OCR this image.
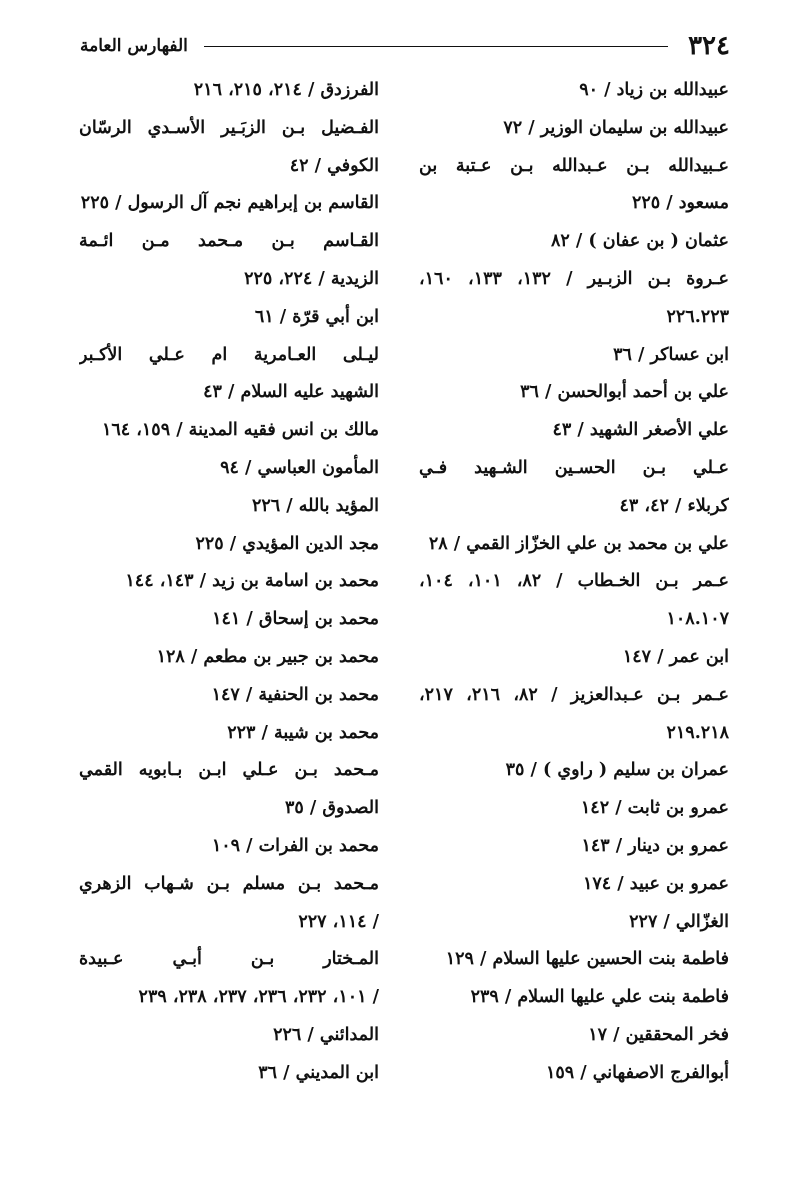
٣٢٤
الفهارس العامة
عبيدالله بن زياد / ٩٠
عبيدالله بن سليمان الوزير / ٧٢
عـبيدالله بـن عـبدالله بـن عـتبة بن
مسعود / ٢٢٥
عثمان ( بن عفان ) / ٨٢
عـروة بـن الزبـير / ١٣٢، ١٣٣، ١٦٠،
٢٢٦.٢٢٣
ابن عساكر / ٣٦
علي بن أحمد أبوالحسن / ٣٦
علي الأصغر الشهيد / ٤٣
عـلي بـن الحسـين الشـهيد فـي
كربلاء / ٤٢، ٤٣
علي بن محمد بن علي الخزّاز القمي / ٢٨
عـمر بـن الخـطاب / ٨٢، ١٠١، ١٠٤،
١٠٨.١٠٧
ابن عمر / ١٤٧
عـمر بـن عـبدالعزيز / ٨٢، ٢١٦، ٢١٧،
٢١٩.٢١٨
عمران بن سليم ( راوي ) / ٣٥
عمرو بن ثابت / ١٤٢
عمرو بن دينار / ١٤٣
عمرو بن عبيد / ١٧٤
الغزّالي / ٢٢٧
فاطمة بنت الحسين عليها السلام / ١٢٩
فاطمة بنت علي عليها السلام / ٢٣٩
فخر المحققين / ١٧
أبوالفرج الاصفهاني / ١٥٩
الفرزدق / ٢١٤، ٢١٥، ٢١٦
الفـضيل بـن الزبَـير الأسـدي الرسّان
الكوفي / ٤٢
القاسم بن إبراهيم نجم آل الرسول / ٢٢٥
القـاسم بـن مـحمد مـن ائـمة
الزيدية / ٢٢٤، ٢٢٥
ابن أبي قرّة / ٦١
ليـلى العـامرية ام عـلي الأكـبر
الشهيد عليه السلام / ٤٣
مالك بن انس فقيه المدينة / ١٥٩، ١٦٤
المأمون العباسي / ٩٤
المؤيد بالله / ٢٢٦
مجد الدين المؤيدي / ٢٢٥
محمد بن اسامة بن زيد / ١٤٣، ١٤٤
محمد بن إسحاق / ١٤١
محمد بن جبير بن مطعم / ١٢٨
محمد بن الحنفية / ١٤٧
محمد بن شيبة / ٢٢٣
مـحمد بـن عـلي ابـن بـابويه القمي
الصدوق / ٣٥
محمد بن الفرات / ١٠٩
مـحمد بـن مسلم بـن شـهاب الزهري
/ ١١٤، ٢٢٧
المـختار بـن أبـي عـبيدة
/ ١٠١، ٢٣٢، ٢٣٦، ٢٣٧، ٢٣٨، ٢٣٩
المدائني / ٢٢٦
ابن المديني / ٣٦
